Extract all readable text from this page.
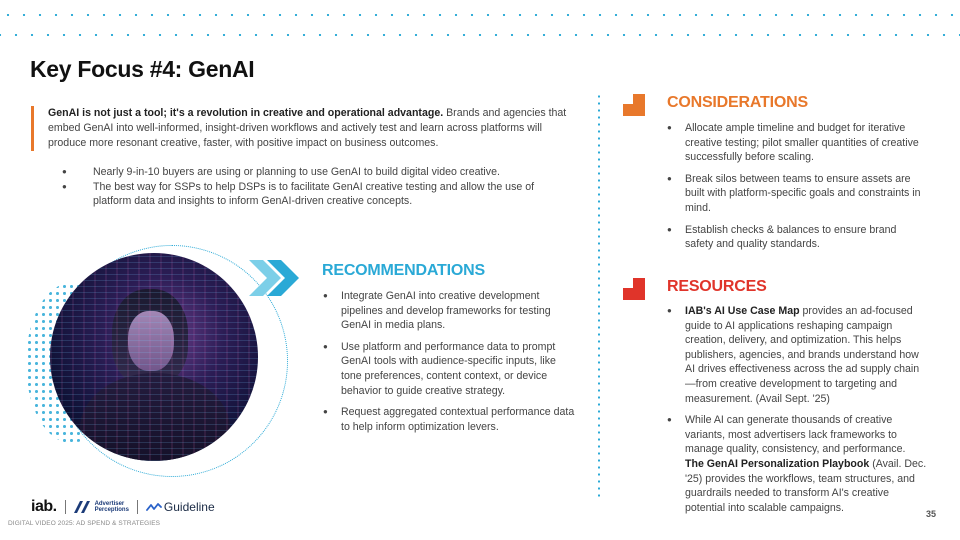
Key Focus #4: GenAI

GenAI is not just a tool; it's a revolution in creative and operational advantage. Brands and agencies that embed GenAI into well-informed, insight-driven workflows and actively test and learn across platforms will produce more resonant creative, faster, with positive impact on business outcomes.

● Nearly 9-in-10 buyers are using or planning to use GenAI to build digital video creative.
● The best way for SSPs to help DSPs is to facilitate GenAI creative testing and allow the use of platform data and insights to inform GenAI-driven creative concepts.
RECOMMENDATIONS
● Integrate GenAI into creative development pipelines and develop frameworks for testing GenAI in media plans.
● Use platform and performance data to prompt GenAI tools with audience-specific inputs, like tone preferences, content context, or device behavior to guide creative strategy.
● Request aggregated contextual performance data to help inform optimization levers.
CONSIDERATIONS
● Allocate ample timeline and budget for iterative creative testing; pilot smaller quantities of creative successfully before scaling.
● Break silos between teams to ensure assets are built with platform-specific goals and constraints in mind.
● Establish checks & balances to ensure brand safety and quality standards.
RESOURCES
● IAB's AI Use Case Map provides an ad-focused guide to AI applications reshaping campaign creation, delivery, and optimization. This helps publishers, agencies, and brands understand how AI drives effectiveness across the ad supply chain—from creative development to targeting and measurement. (Avail Sept. '25)
● While AI can generate thousands of creative variants, most advertisers lack frameworks to manage quality, consistency, and performance. The GenAI Personalization Playbook (Avail. Dec. '25) provides the workflows, team structures, and guardrails needed to transform AI's creative potential into scalable campaigns.
iab.	Advertiser
Perceptions	Guideline
DIGITAL VIDEO 2025: AD SPEND & STRATEGIES
35
